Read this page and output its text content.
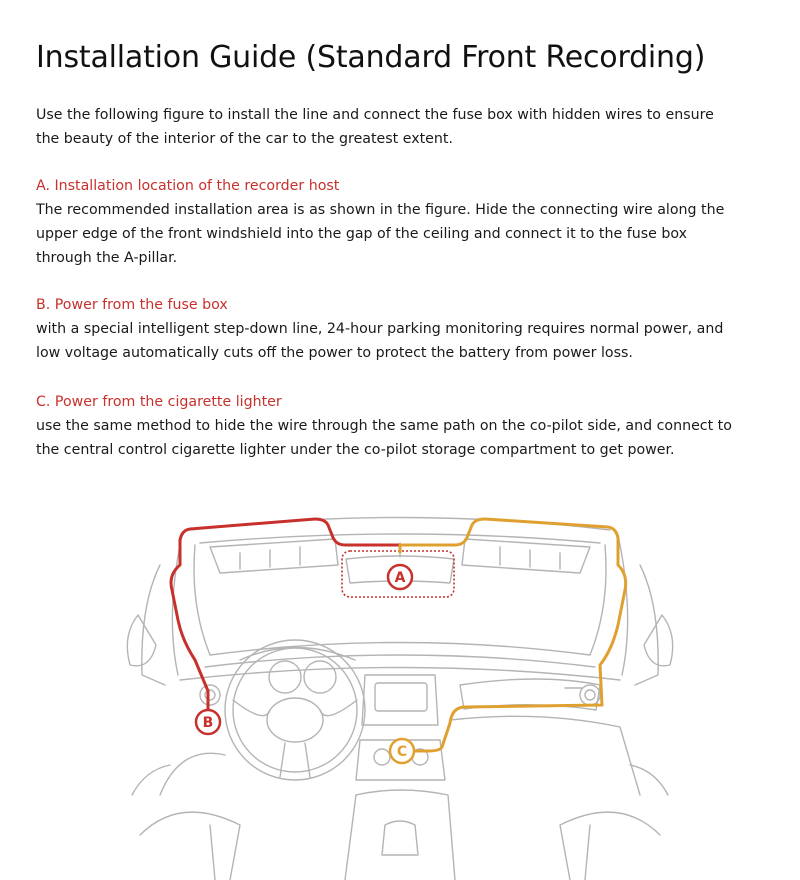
Installation Guide (Standard Front Recording)

Use the following figure to install the line and connect the fuse box with hidden wires to ensure the beauty of the interior of the car to the greatest extent.

A. Installation location of the recorder host
The recommended installation area is as shown in the figure. Hide the connecting wire along the upper edge of the front windshield into the gap of the ceiling and connect it to the fuse box through the A-pillar.
B. Power from the fuse box
with a special intelligent step-down line, 24-hour parking monitoring requires normal power, and low voltage automatically cuts off the power to protect the battery from power loss.
C. Power from the cigarette lighter
use the same method to hide the wire through the same path on the co-pilot side, and connect to the central control cigarette lighter under the co-pilot storage compartment to get power.
A
B
C
